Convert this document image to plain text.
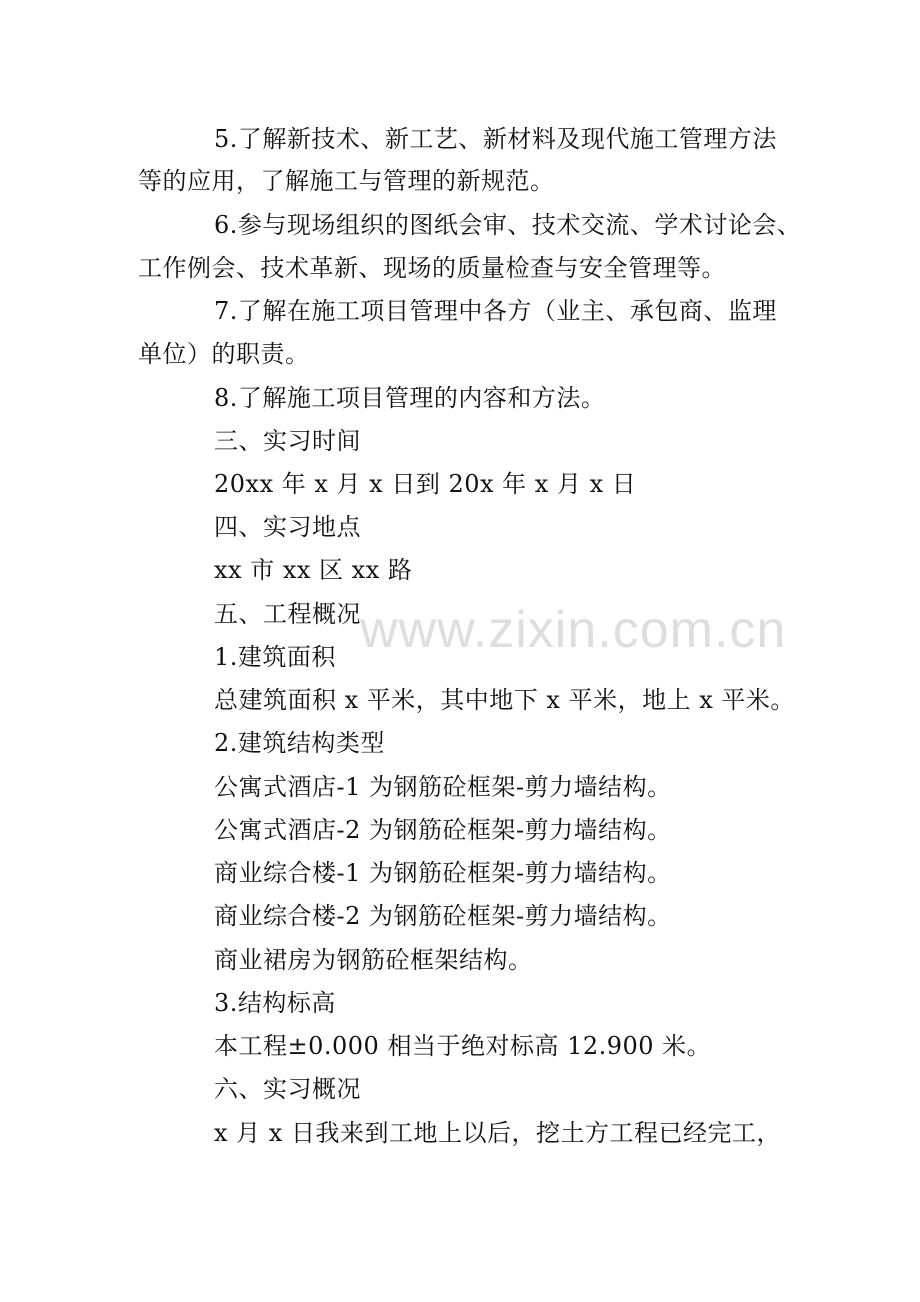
www.zixin.com.cn
5.了解新技术、新工艺、新材料及现代施工管理方法
等的应用，了解施工与管理的新规范。
6.参与现场组织的图纸会审、技术交流、学术讨论会、
工作例会、技术革新、现场的质量检查与安全管理等。
7.了解在施工项目管理中各方（业主、承包商、监理
单位）的职责。
8.了解施工项目管理的内容和方法。
三、实习时间
20xx 年 x 月 x 日到 20x 年 x 月 x 日
四、实习地点
xx 市 xx 区 xx 路
五、工程概况
1.建筑面积
总建筑面积 x 平米，其中地下 x 平米，地上 x 平米。
2.建筑结构类型
公寓式酒店-1 为钢筋砼框架-剪力墙结构。
公寓式酒店-2 为钢筋砼框架-剪力墙结构。
商业综合楼-1 为钢筋砼框架-剪力墙结构。
商业综合楼-2 为钢筋砼框架-剪力墙结构。
商业裙房为钢筋砼框架结构。
3.结构标高
本工程±0.000 相当于绝对标高 12.900 米。
六、实习概况
x 月 x 日我来到工地上以后，挖土方工程已经完工，
